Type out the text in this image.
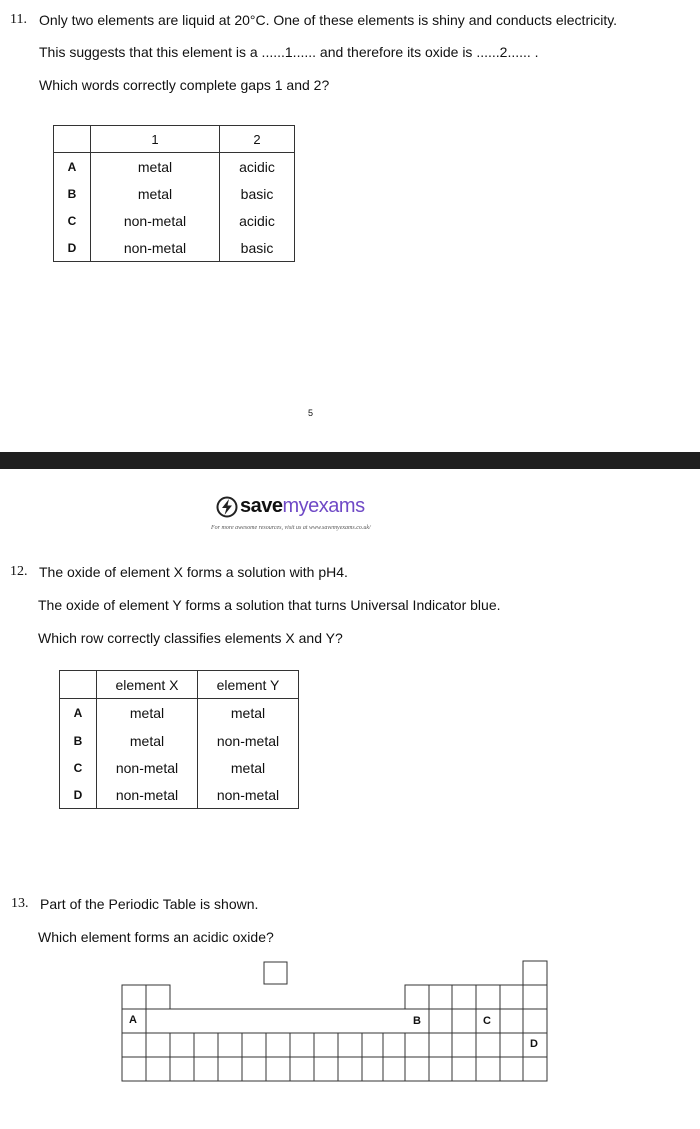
11. Only two elements are liquid at 20°C. One of these elements is shiny and conducts electricity.
This suggests that this element is a ......1...... and therefore its oxide is ......2...... .
Which words correctly complete gaps 1 and 2?
	1	2
A	metal	acidic
B	metal	basic
C	non-metal	acidic
D	non-metal	basic
5
savemyexams
For more awesome resources, visit us at www.savemyexams.co.uk/
12. The oxide of element X forms a solution with pH4.
The oxide of element Y forms a solution that turns Universal Indicator blue.
Which row correctly classifies elements X and Y?
	element X	element Y
A	metal	metal
B	metal	non-metal
C	non-metal	metal
D	non-metal	non-metal
13. Part of the Periodic Table is shown.
Which element forms an acidic oxide?
A	B	C
D
